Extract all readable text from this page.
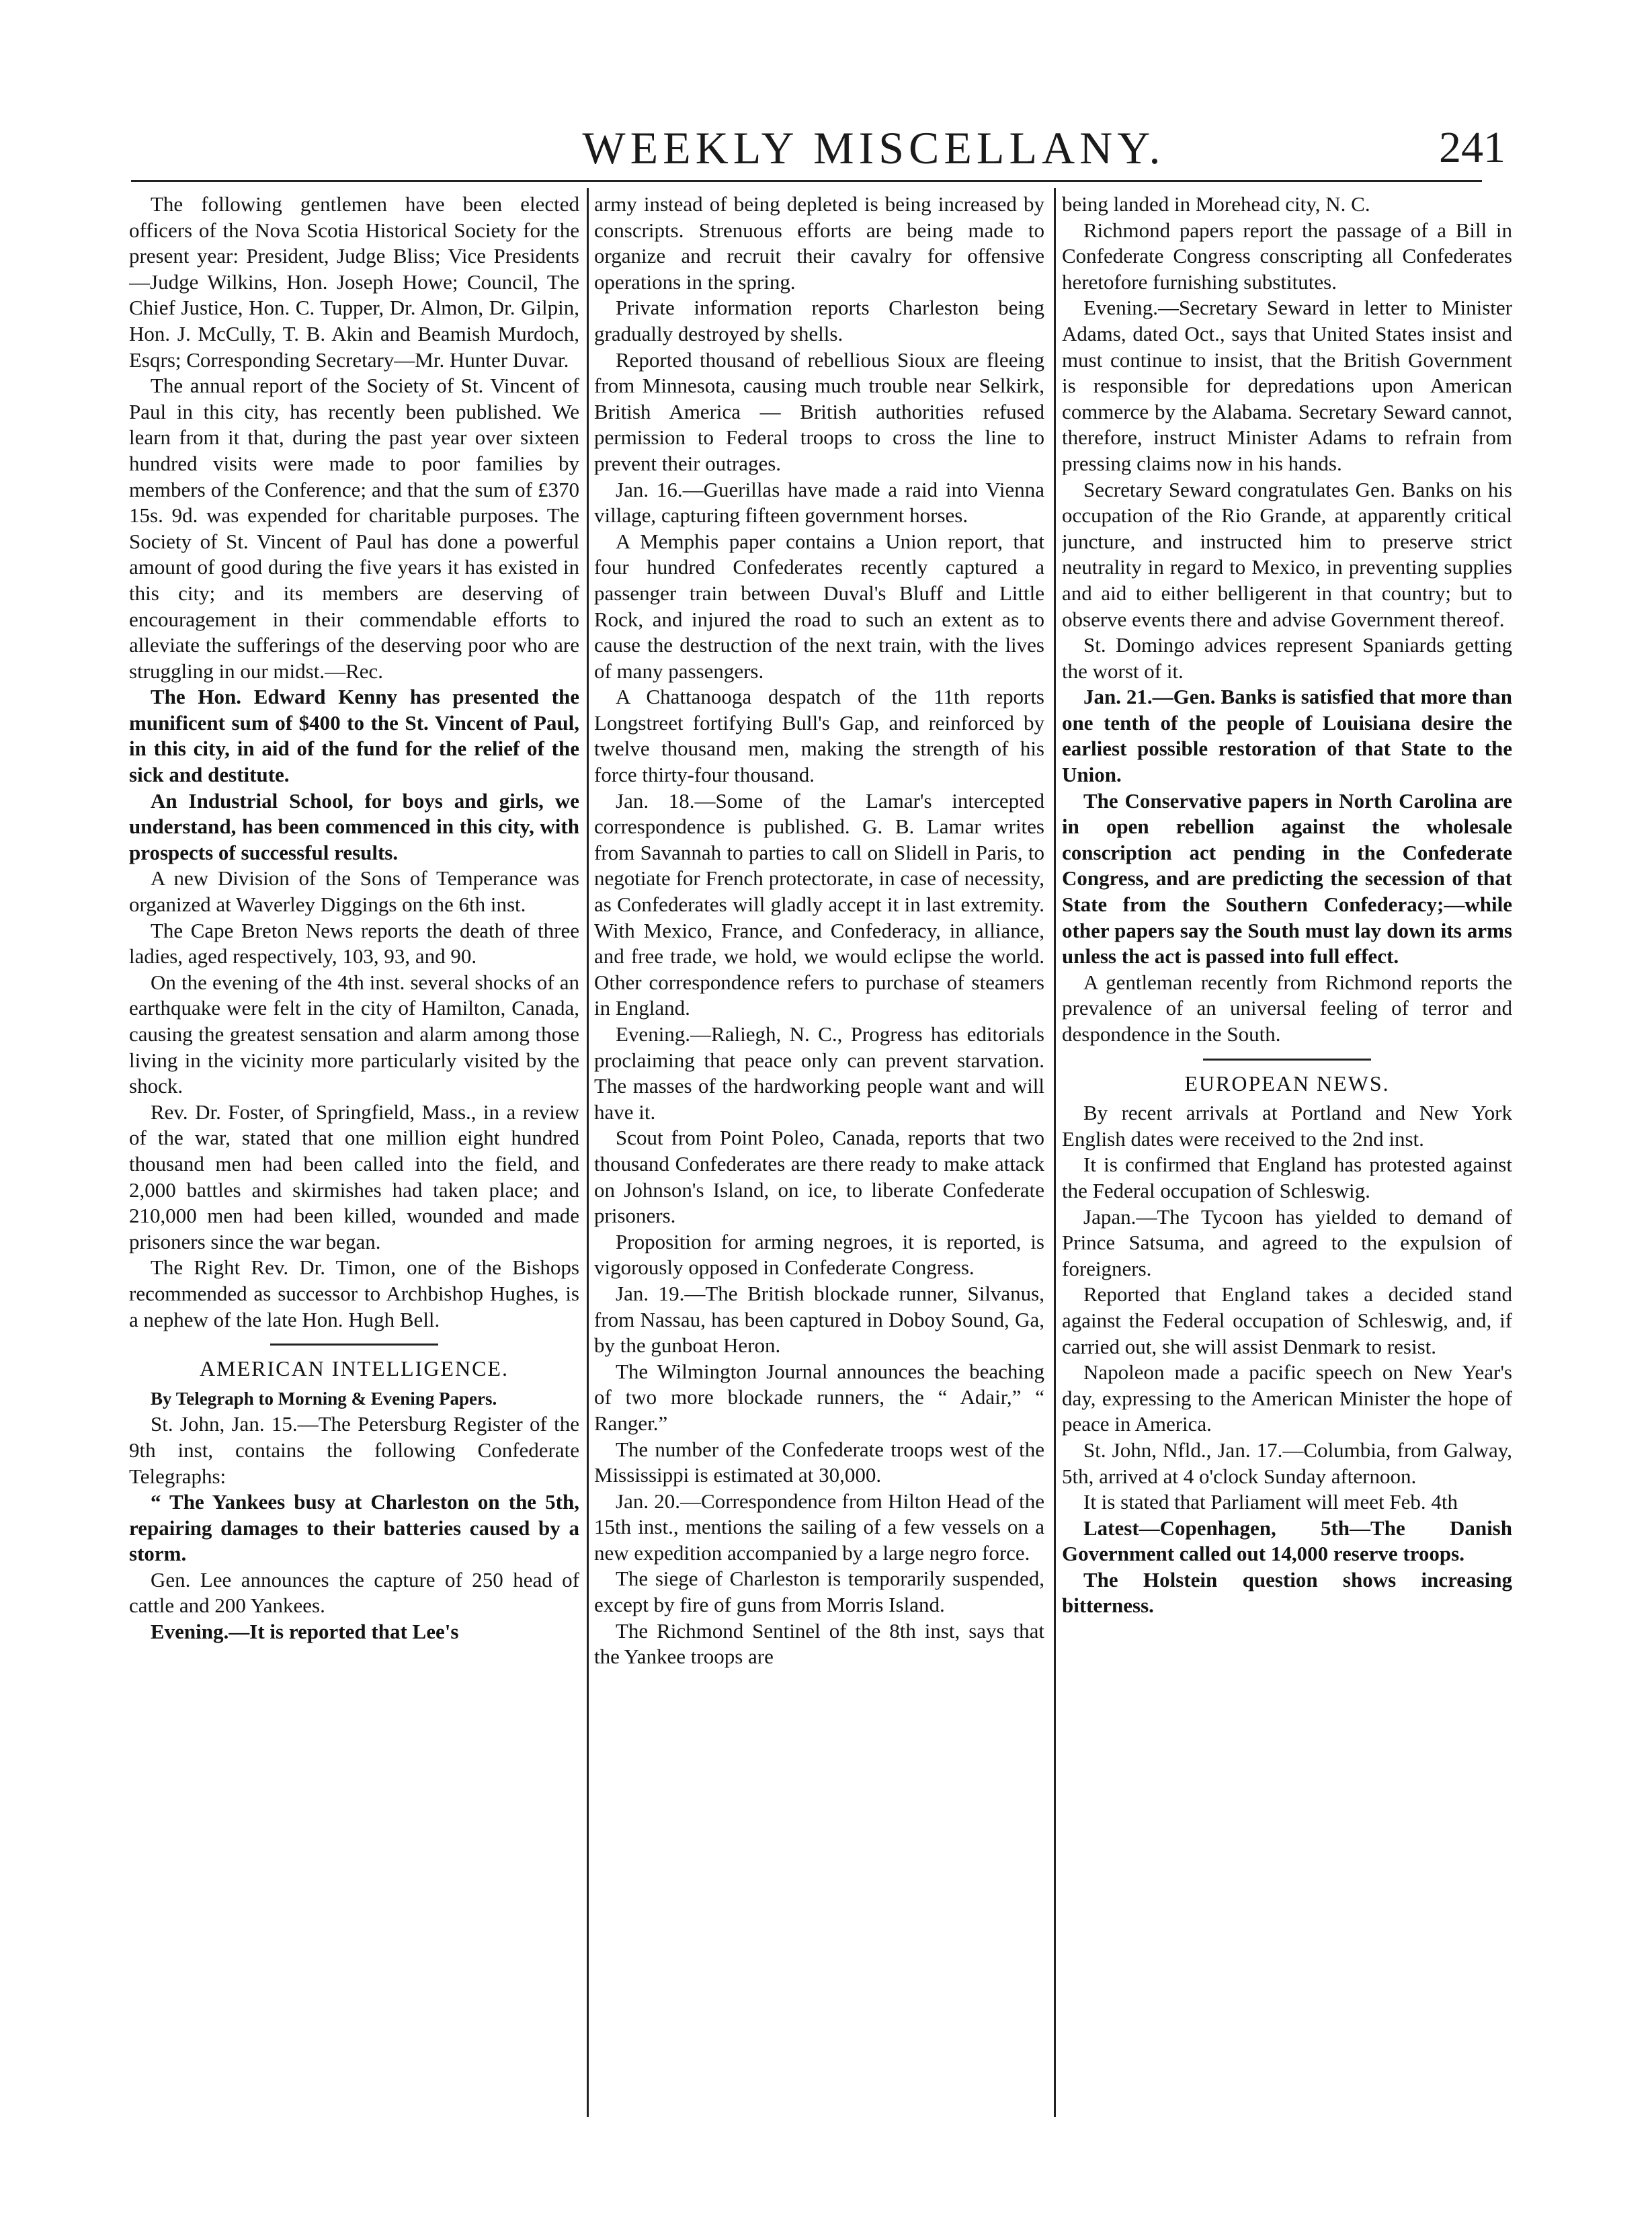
WEEKLY MISCELLANY.	241

The following gentlemen have been elected officers of the Nova Scotia Historical Society for the present year: President, Judge Bliss; Vice Presidents—Judge Wilkins, Hon. Joseph Howe; Council, The Chief Justice, Hon. C. Tupper, Dr. Almon, Dr. Gilpin, Hon. J. McCully, T. B. Akin and Beamish Murdoch, Esqrs; Corresponding Secretary—Mr. Hunter Duvar.

The annual report of the Society of St. Vincent of Paul in this city, has recently been published. We learn from it that, during the past year over sixteen hundred visits were made to poor families by members of the Conference; and that the sum of £370 15s. 9d. was expended for charitable purposes. The Society of St. Vincent of Paul has done a powerful amount of good during the five years it has existed in this city; and its members are deserving of encouragement in their commendable efforts to alleviate the sufferings of the deserving poor who are struggling in our midst.—Rec.

The Hon. Edward Kenny has presented the munificent sum of $400 to the St. Vincent of Paul, in this city, in aid of the fund for the relief of the sick and destitute.

An Industrial School, for boys and girls, we understand, has been commenced in this city, with prospects of successful results.

A new Division of the Sons of Temperance was organized at Waverley Diggings on the 6th inst.

The Cape Breton News reports the death of three ladies, aged respectively, 103, 93, and 90.

On the evening of the 4th inst. several shocks of an earthquake were felt in the city of Hamilton, Canada, causing the greatest sensation and alarm among those living in the vicinity more particularly visited by the shock.

Rev. Dr. Foster, of Springfield, Mass., in a review of the war, stated that one million eight hundred thousand men had been called into the field, and 2,000 battles and skirmishes had taken place; and 210,000 men had been killed, wounded and made prisoners since the war began.

The Right Rev. Dr. Timon, one of the Bishops recommended as successor to Archbishop Hughes, is a nephew of the late Hon. Hugh Bell.

AMERICAN INTELLIGENCE.

By Telegraph to Morning & Evening Papers.

St. John, Jan. 15.—The Petersburg Register of the 9th inst, contains the following Confederate Telegraphs:

“ The Yankees busy at Charleston on the 5th, repairing damages to their batteries caused by a storm.

Gen. Lee announces the capture of 250 head of cattle and 200 Yankees.

Evening.—It is reported that Lee's

army instead of being depleted is being increased by conscripts. Strenuous efforts are being made to organize and recruit their cavalry for offensive operations in the spring.

Private information reports Charleston being gradually destroyed by shells.

Reported thousand of rebellious Sioux are fleeing from Minnesota, causing much trouble near Selkirk, British America — British authorities refused permission to Federal troops to cross the line to prevent their outrages.

Jan. 16.—Guerillas have made a raid into Vienna village, capturing fifteen government horses.

A Memphis paper contains a Union report, that four hundred Confederates recently captured a passenger train between Duval's Bluff and Little Rock, and injured the road to such an extent as to cause the destruction of the next train, with the lives of many passengers.

A Chattanooga despatch of the 11th reports Longstreet fortifying Bull's Gap, and reinforced by twelve thousand men, making the strength of his force thirty-four thousand.

Jan. 18.—Some of the Lamar's intercepted correspondence is published. G. B. Lamar writes from Savannah to parties to call on Slidell in Paris, to negotiate for French protectorate, in case of necessity, as Confederates will gladly accept it in last extremity. With Mexico, France, and Confederacy, in alliance, and free trade, we hold, we would eclipse the world. Other correspondence refers to purchase of steamers in England.

Evening.—Raliegh, N. C., Progress has editorials proclaiming that peace only can prevent starvation. The masses of the hardworking people want and will have it.

Scout from Point Poleo, Canada, reports that two thousand Confederates are there ready to make attack on Johnson's Island, on ice, to liberate Confederate prisoners.

Proposition for arming negroes, it is reported, is vigorously opposed in Confederate Congress.

Jan. 19.—The British blockade runner, Silvanus, from Nassau, has been captured in Doboy Sound, Ga, by the gunboat Heron.

The Wilmington Journal announces the beaching of two more blockade runners, the “ Adair,” “ Ranger.”

The number of the Confederate troops west of the Mississippi is estimated at 30,000.

Jan. 20.—Correspondence from Hilton Head of the 15th inst., mentions the sailing of a few vessels on a new expedition accompanied by a large negro force.

The siege of Charleston is temporarily suspended, except by fire of guns from Morris Island.

The Richmond Sentinel of the 8th inst, says that the Yankee troops are

being landed in Morehead city, N. C.

Richmond papers report the passage of a Bill in Confederate Congress conscripting all Confederates heretofore furnishing substitutes.

Evening.—Secretary Seward in letter to Minister Adams, dated Oct., says that United States insist and must continue to insist, that the British Government is responsible for depredations upon American commerce by the Alabama. Secretary Seward cannot, therefore, instruct Minister Adams to refrain from pressing claims now in his hands.

Secretary Seward congratulates Gen. Banks on his occupation of the Rio Grande, at apparently critical juncture, and instructed him to preserve strict neutrality in regard to Mexico, in preventing supplies and aid to either belligerent in that country; but to observe events there and advise Government thereof.

St. Domingo advices represent Spaniards getting the worst of it.

Jan. 21.—Gen. Banks is satisfied that more than one tenth of the people of Louisiana desire the earliest possible restoration of that State to the Union.

The Conservative papers in North Carolina are in open rebellion against the wholesale conscription act pending in the Confederate Congress, and are predicting the secession of that State from the Southern Confederacy;—while other papers say the South must lay down its arms unless the act is passed into full effect.

A gentleman recently from Richmond reports the prevalence of an universal feeling of terror and despondence in the South.

EUROPEAN NEWS.

By recent arrivals at Portland and New York English dates were received to the 2nd inst.

It is confirmed that England has protested against the Federal occupation of Schleswig.

Japan.—The Tycoon has yielded to demand of Prince Satsuma, and agreed to the expulsion of foreigners.

Reported that England takes a decided stand against the Federal occupation of Schleswig, and, if carried out, she will assist Denmark to resist.

Napoleon made a pacific speech on New Year's day, expressing to the American Minister the hope of peace in America.

St. John, Nfld., Jan. 17.—Columbia, from Galway, 5th, arrived at 4 o'clock Sunday afternoon.

It is stated that Parliament will meet Feb. 4th

Latest—Copenhagen, 5th—The Danish Government called out 14,000 reserve troops.

The Holstein question shows increasing bitterness.
